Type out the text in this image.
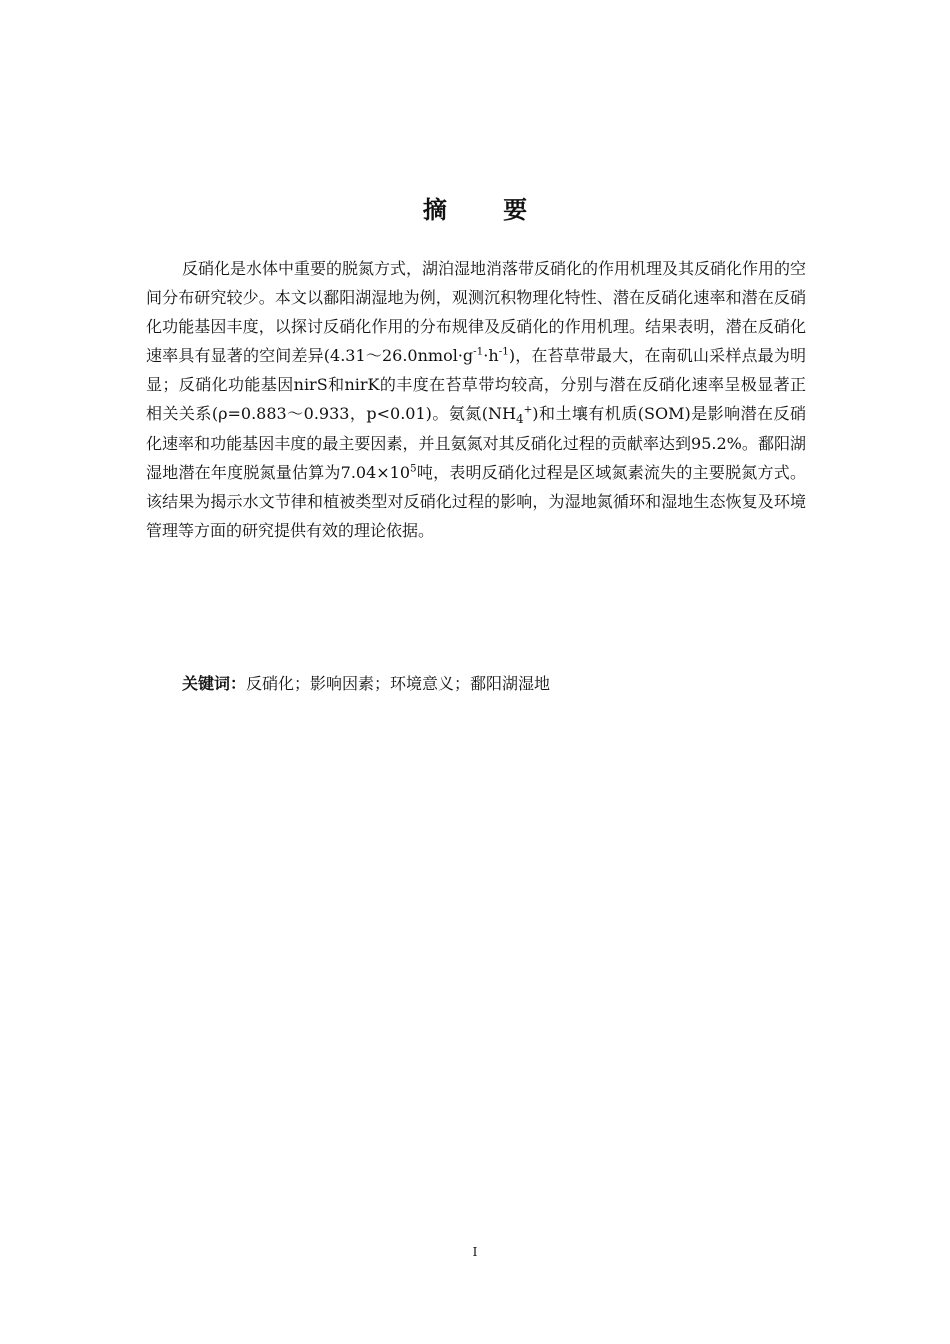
摘 要

反硝化是水体中重要的脱氮方式，湖泊湿地消落带反硝化的作用机理及其反硝化作用的空间分布研究较少。本文以鄱阳湖湿地为例，观测沉积物理化特性、潜在反硝化速率和潜在反硝化功能基因丰度，以探讨反硝化作用的分布规律及反硝化的作用机理。结果表明，潜在反硝化速率具有显著的空间差异$(4.31\sim 26.0nmol\cdot g^{-1}\cdot h^{-1})$，在苔草带最大，在南矶山采样点最为明显；反硝化功能基因nirS和nirK的丰度在苔草带均较高，分别与潜在反硝化速率呈极显著正相关关系(ρ=0.883～0.933，p<0.01)。氨氮$(NH_4^+)$和土壤有机质(SOM)是影响潜在反硝化速率和功能基因丰度的最主要因素，并且氨氮对其反硝化过程的贡献率达到95.2%。鄱阳湖湿地潜在年度脱氮量估算为$7.04\times 10^5$吨，表明反硝化过程是区域氮素流失的主要脱氮方式。该结果为揭示水文节律和植被类型对反硝化过程的影响，为湿地氮循环和湿地生态恢复及环境管理等方面的研究提供有效的理论依据。

关键词：反硝化；影响因素；环境意义；鄱阳湖湿地
I
